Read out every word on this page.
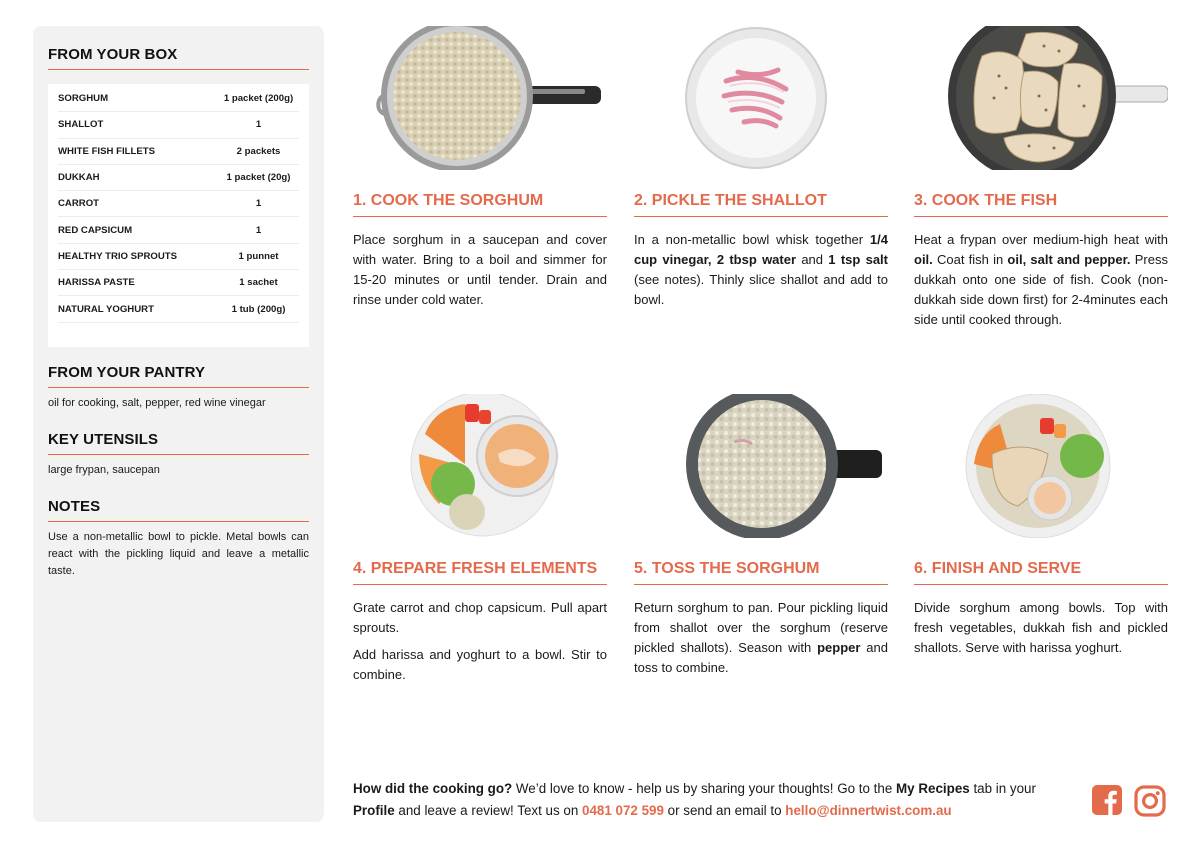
FROM YOUR BOX
SORGHUM	1 packet (200g)
SHALLOT	1
WHITE FISH FILLETS	2 packets
DUKKAH	1 packet (20g)
CARROT	1
RED CAPSICUM	1
HEALTHY TRIO SPROUTS	1 punnet
HARISSA PASTE	1 sachet
NATURAL YOGHURT	1 tub (200g)
FROM YOUR PANTRY
oil for cooking, salt, pepper, red wine vinegar
KEY UTENSILS
large frypan, saucepan
NOTES
Use a non-metallic bowl to pickle. Metal bowls can react with the pickling liquid and leave a metallic taste.
1. COOK THE SORGHUM

Place sorghum in a saucepan and cover with water. Bring to a boil and simmer for 15-20 minutes or until tender. Drain and rinse under cold water.

2. PICKLE THE SHALLOT

In a non-metallic bowl whisk together 1/4 cup vinegar, 2 tbsp water and 1 tsp salt (see notes). Thinly slice shallot and add to bowl.

3. COOK THE FISH

Heat a frypan over medium-high heat with oil. Coat fish in oil, salt and pepper. Press dukkah onto one side of fish. Cook (non-dukkah side down first) for 2-4minutes each side until cooked through.

4. PREPARE FRESH ELEMENTS

Grate carrot and chop capsicum. Pull apart sprouts.

Add harissa and yoghurt to a bowl. Stir to combine.

5. TOSS THE SORGHUM

Return sorghum to pan. Pour pickling liquid from shallot over the sorghum (reserve pickled shallots). Season with pepper and toss to combine.

6. FINISH AND SERVE

Divide sorghum among bowls. Top with fresh vegetables, dukkah fish and pickled shallots. Serve with harissa yoghurt.

How did the cooking go? We’d love to know - help us by sharing your thoughts! Go to the My Recipes tab in your Profile and leave a review! Text us on 0481 072 599 or send an email to hello@dinnertwist.com.au
